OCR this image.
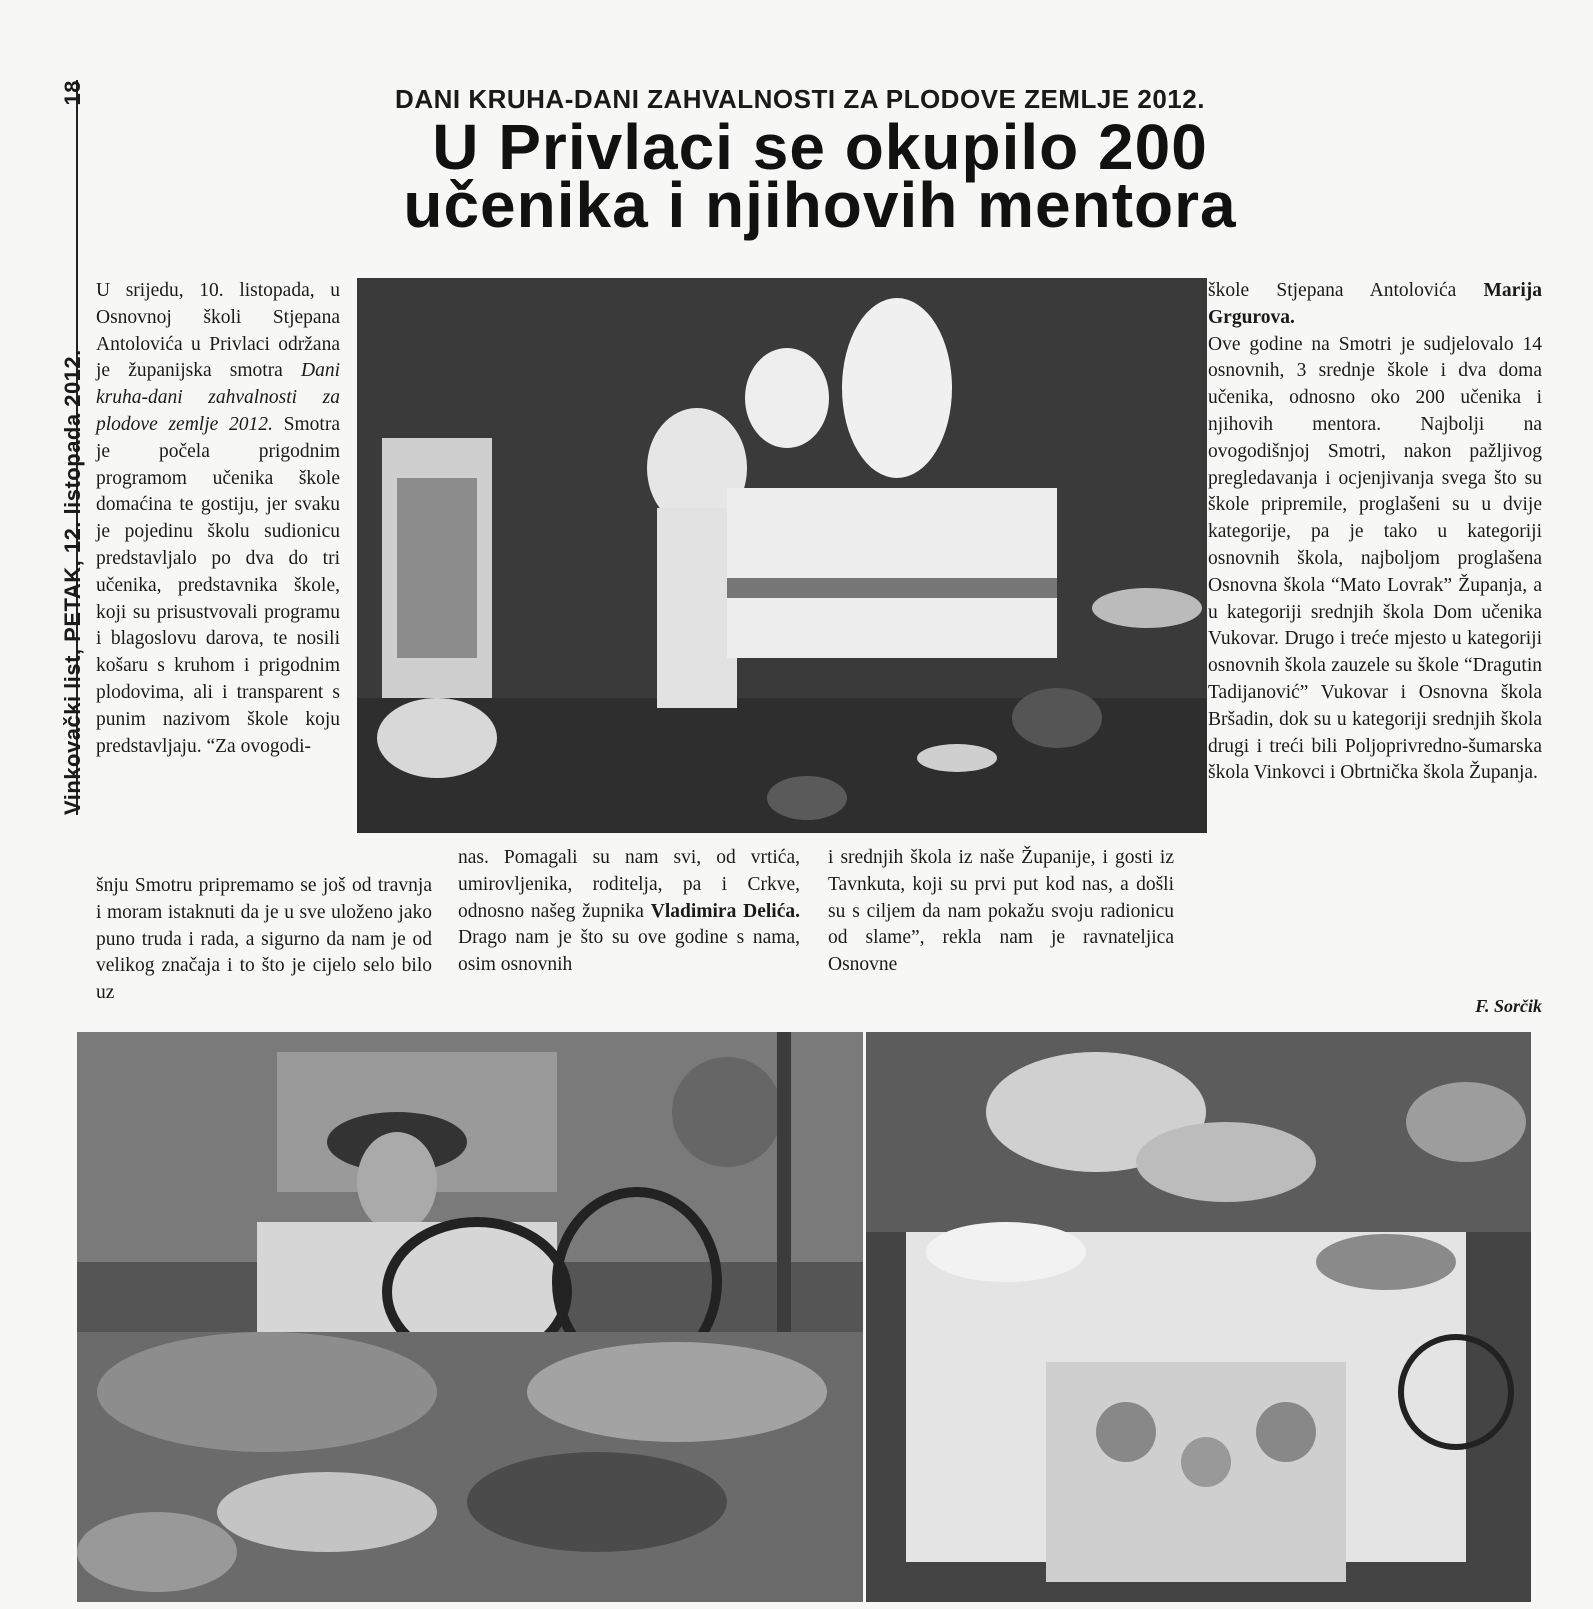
Vinkovački list, PETAK, 12. listopada 2012.
18	DANI KRUHA-DANI ZAHVALNOSTI ZA PLODOVE ZEMLJE 2012.
U Privlaci se okupilo 200
učenika i njihovih mentora
U srijedu, 10. listopada, u Osnovnoj školi Stjepana Antolovića u Privlaci održana je županijska smotra Dani kruha-dani zahvalnosti za plodove zemlje 2012. Smotra je počela prigodnim programom učenika škole domaćina te gostiju, jer svaku je pojedinu školu sudionicu predstavljalo po dva do tri učenika, predstavnika škole, koji su prisustvovali programu i blagoslovu darova, te nosili košaru s kruhom i prigodnim plodovima, ali i transparent s punim nazivom škole koju predstavljaju. “Za ovogodi-
šnju Smotru pripremamo se još od travnja i moram istaknuti da je u sve uloženo jako puno truda i rada, a sigurno da nam je od velikog značaja i to što je cijelo selo bilo uz
nas. Pomagali su nam svi, od vrtića, umirovljenika, roditelja, pa i Crkve, odnosno našeg župnika Vladimira Delića. Drago nam je što su ove godine s nama, osim osnovnih
i srednjih škola iz naše Županije, i gosti iz Tavnkuta, koji su prvi put kod nas, a došli su s ciljem da nam pokažu svoju radionicu od slame”, rekla nam je ravnateljica Osnovne
škole Stjepana Antolovića Marija Grgurova.
Ove godine na Smotri je sudjelovalo 14 osnovnih, 3 srednje škole i dva doma učenika, odnosno oko 200 učenika i njihovih mentora. Najbolji na ovogodišnjoj Smotri, nakon pažljivog pregledavanja i ocjenjivanja svega što su škole pripremile, proglašeni su u dvije kategorije, pa je tako u kategoriji osnovnih škola, najboljom proglašena Osnovna škola “Mato Lovrak” Županja, a u kategoriji srednjih škola Dom učenika Vukovar. Drugo i treće mjesto u kategoriji osnovnih škola zauzele su škole “Dragutin Tadijanović” Vukovar i Osnovna škola Bršadin, dok su u kategoriji srednjih škola drugi i treći bili Poljoprivredno-šumarska škola Vinkovci i Obrtnička škola Županja.
F. Sorčik
